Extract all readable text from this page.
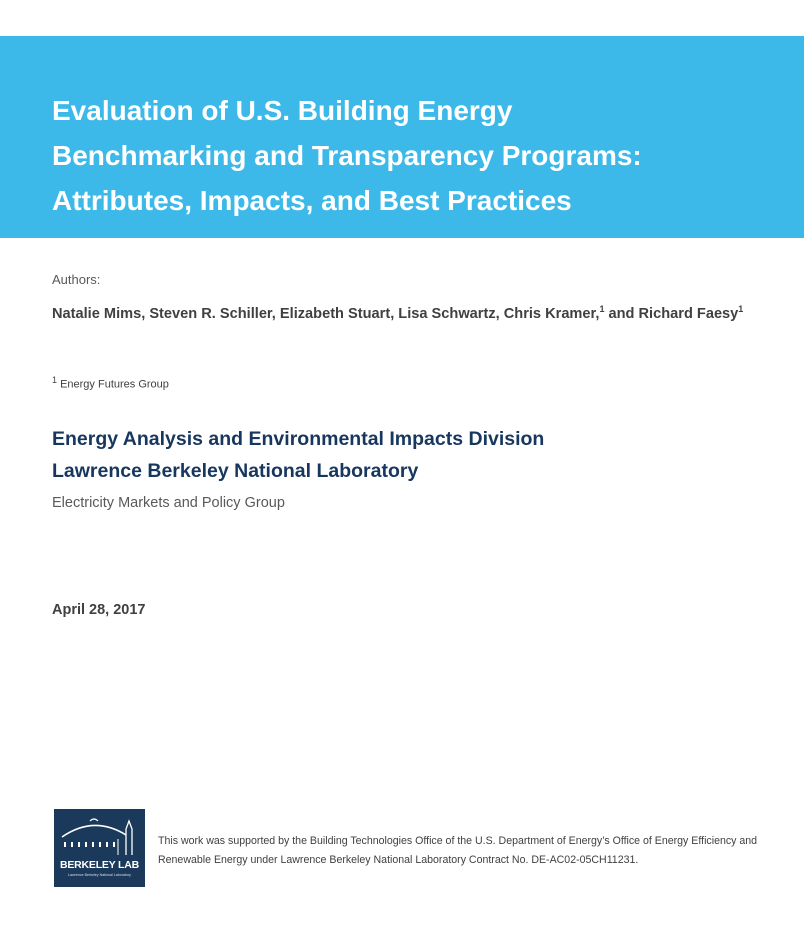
Evaluation of U.S. Building Energy
Benchmarking and Transparency Programs:
Attributes, Impacts, and Best Practices
Authors:
Natalie Mims, Steven R. Schiller, Elizabeth Stuart, Lisa Schwartz, Chris Kramer,$^1$ and Richard Faesy$^1$
$^1$ Energy Futures Group
Energy Analysis and Environmental Impacts Division
Lawrence Berkeley National Laboratory
Electricity Markets and Policy Group
April 28, 2017
BERKELEY LAB
Lawrence Berkeley National Laboratory
This work was supported by the Building Technologies Office of the U.S. Department of Energy’s Office of Energy Efficiency and Renewable Energy under Lawrence Berkeley National Laboratory Contract No. DE-AC02-05CH11231.
